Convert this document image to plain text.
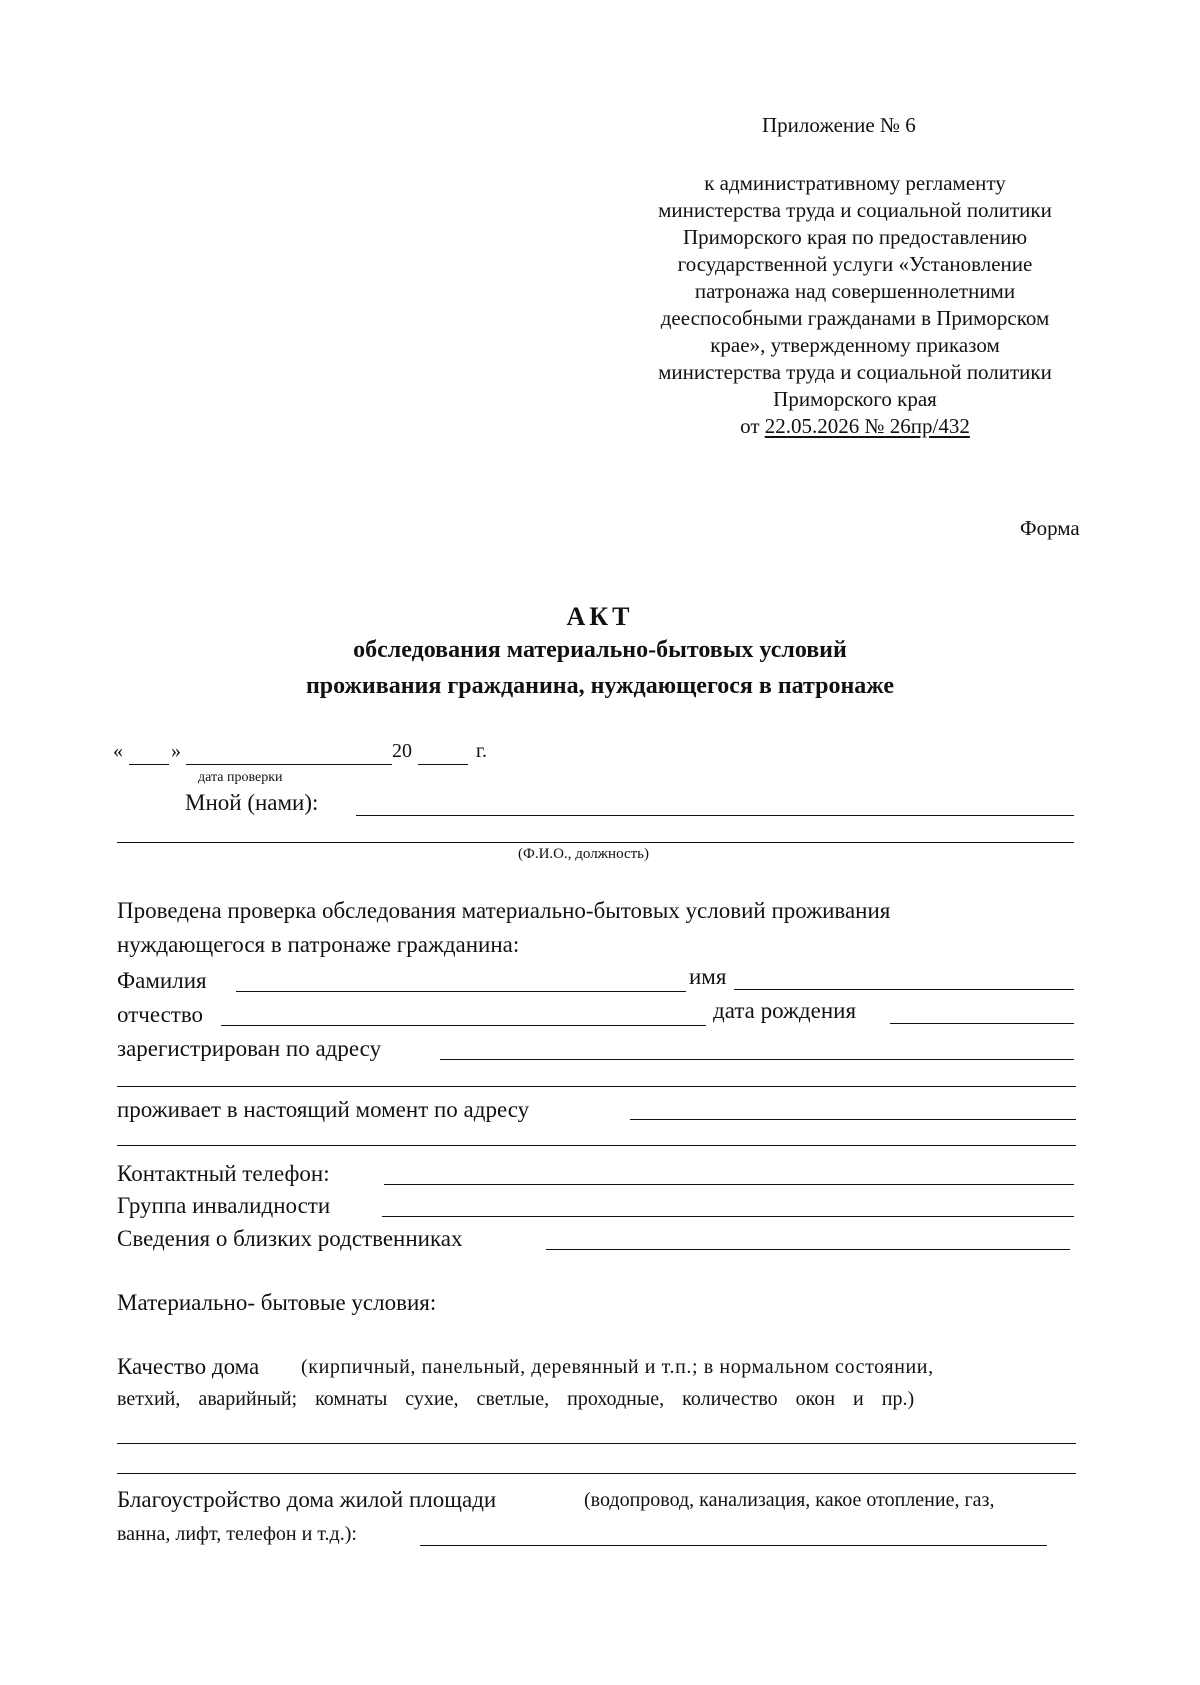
Приложение № 6
к административному регламенту
министерства труда и социальной политики
Приморского края по предоставлению
государственной услуги «Установление
патронажа над совершеннолетними
дееспособными гражданами в Приморском
крае», утвержденному приказом
министерства труда и социальной политики
Приморского края
от 22.05.2026 № 26пр/432
Форма
АКТ
обследования материально-бытовых условий
проживания гражданина, нуждающегося в патронаже
« »	20	г.
дата проверки
Мной (нами):
(Ф.И.О., должность)
Проведена проверка обследования материально-бытовых условий проживания
нуждающегося в патронаже гражданина:
Фамилия	имя
отчество	дата рождения
зарегистрирован по адресу
проживает в настоящий момент по адресу
Контактный телефон:
Группа инвалидности
Сведения о близких родственниках
Материально- бытовые условия:
Качество дома (кирпичный, панельный, деревянный и т.п.; в нормальном состоянии,
ветхий, аварийный; комнаты сухие, светлые, проходные, количество окон и пр.)
Благоустройство дома жилой площади	(водопровод, канализация, какое отопление, газ,
ванна, лифт, телефон и т.д.):
